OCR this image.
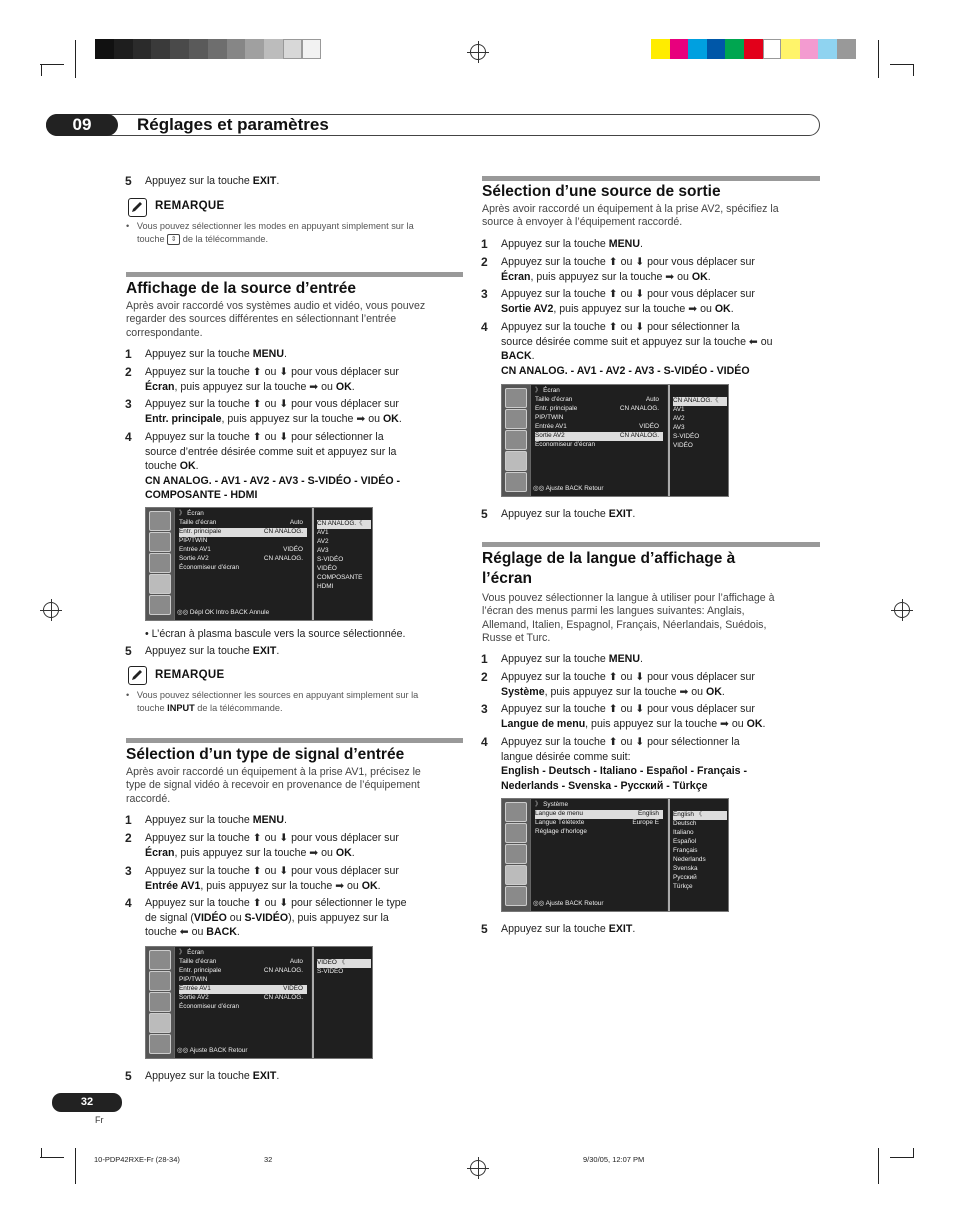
09	Réglages et paramètres
5 Appuyez sur la touche EXIT.
REMARQUE
•   Vous pouvez sélectionner les modes en appuyant simplement sur la
touche ⇕ de la télécommande.
Affichage de la source d’entrée
Après avoir raccordé vos systèmes audio et vidéo, vous pouvez
regarder des sources différentes en sélectionnant l’entrée
correspondante.
1 Appuyez sur la touche MENU.
2 Appuyez sur la touche ⬆ ou ⬇ pour vous déplacer sur
Écran, puis appuyez sur la touche ➡ ou OK.
3 Appuyez sur la touche ⬆ ou ⬇ pour vous déplacer sur
Entr. principale, puis appuyez sur la touche ➡ ou OK.
4 Appuyez sur la touche ⬆ ou ⬇ pour sélectionner la
source d’entrée désirée comme suit et appuyez sur la
touche OK.
CN ANALOG. - AV1 - AV2 - AV3 - S-VIDÉO - VIDÉO -
COMPOSANTE - HDMI
》 Écran
Taille d’écran	Auto
Entr. principale	CN ANALOG.
PIP/TWIN
Entrée AV1	VIDÉO
Sortie AV2	CN ANALOG.
Économiseur d’écran
◎◎ Dépl OK Intro BACK Annule
CN ANALOG.《
AV1
AV2
AV3
S-VIDÉO
VIDÉO
COMPOSANTE
HDMI
• L’écran à plasma bascule vers la source sélectionnée.
5 Appuyez sur la touche EXIT.
REMARQUE
•   Vous pouvez sélectionner les sources en appuyant simplement sur la
touche INPUT de la télécommande.
Sélection d’un type de signal d’entrée
Après avoir raccordé un équipement à la prise AV1, précisez le
type de signal vidéo à recevoir en provenance de l’équipement
raccordé.
1 Appuyez sur la touche MENU.
2 Appuyez sur la touche ⬆ ou ⬇ pour vous déplacer sur
Écran, puis appuyez sur la touche ➡ ou OK.
3 Appuyez sur la touche ⬆ ou ⬇ pour vous déplacer sur
Entrée AV1, puis appuyez sur la touche ➡ ou OK.
4 Appuyez sur la touche ⬆ ou ⬇ pour sélectionner le type
de signal (VIDÉO ou S-VIDÉO), puis appuyez sur la
touche ⬅ ou BACK.
》 Écran
Taille d’écran	Auto
Entr. principale	CN ANALOG.
PIP/TWIN
Entrée AV1	VIDÉO
Sortie AV2	CN ANALOG.
Économiseur d’écran
◎◎ Ajuste BACK Retour
VIDÉO 《
S-VIDÉO
5 Appuyez sur la touche EXIT.
Sélection d’une source de sortie
Après avoir raccordé un équipement à la prise AV2, spécifiez la
source à envoyer à l’équipement raccordé.
1 Appuyez sur la touche MENU.
2 Appuyez sur la touche ⬆ ou ⬇ pour vous déplacer sur
Écran, puis appuyez sur la touche ➡ ou OK.
3 Appuyez sur la touche ⬆ ou ⬇ pour vous déplacer sur
Sortie AV2, puis appuyez sur la touche ➡ ou OK.
4 Appuyez sur la touche ⬆ ou ⬇ pour sélectionner la
source désirée comme suit et appuyez sur la touche ⬅ ou
BACK.
CN ANALOG. - AV1 - AV2 - AV3 - S-VIDÉO - VIDÉO
》 Écran
Taille d’écran	Auto
Entr. principale	CN ANALOG.
PIP/TWIN
Entrée AV1	VIDÉO
Sortie AV2	CN ANALOG.
Économiseur d’écran
◎◎ Ajuste BACK Retour
CN ANALOG.《
AV1
AV2
AV3
S-VIDÉO
VIDÉO
5 Appuyez sur la touche EXIT.
Réglage de la langue d’affichage à
l’écran
Vous pouvez sélectionner la langue à utiliser pour l’affichage à
l’écran des menus parmi les langues suivantes: Anglais,
Allemand, Italien, Espagnol, Français, Néerlandais, Suédois,
Russe et Turc.
1 Appuyez sur la touche MENU.
2 Appuyez sur la touche ⬆ ou ⬇ pour vous déplacer sur
Système, puis appuyez sur la touche ➡ ou OK.
3 Appuyez sur la touche ⬆ ou ⬇ pour vous déplacer sur
Langue de menu, puis appuyez sur la touche ➡ ou OK.
4 Appuyez sur la touche ⬆ ou ⬇ pour sélectionner la
langue désirée comme suit:
English - Deutsch - Italiano - Español - Français -
Nederlands - Svenska - Русский - Türkçe
》 Système
Langue de menu	English
Langue Télétexte	Europe E
Réglage d’horloge
◎◎ Ajuste BACK Retour
English 《
Deutsch
Italiano
Español
Français
Nederlands
Svenska
Русский
Türkçe
5 Appuyez sur la touche EXIT.
32
Fr
10-PDP42RXE-Fr (28-34)	32	9/30/05, 12:07 PM
